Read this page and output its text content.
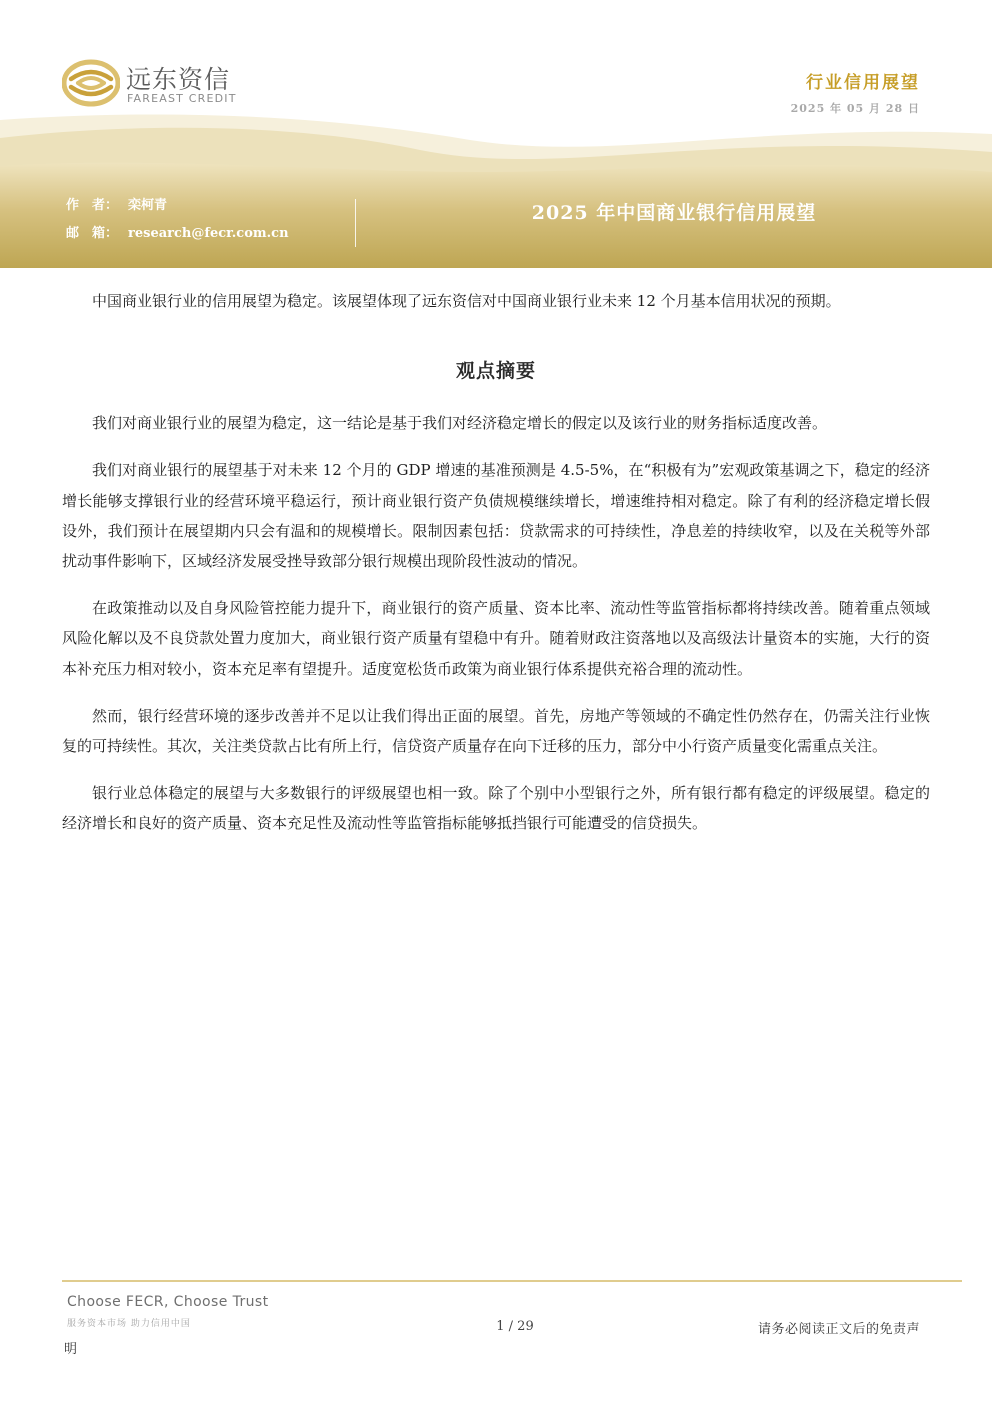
远东资信
FAREAST CREDIT
行业信用展望
2025 年 05 月 28 日
作　者： 栾柯青
邮　箱： research@fecr.com.cn
2025 年中国商业银行信用展望

中国商业银行业的信用展望为稳定。该展望体现了远东资信对中国商业银行业未来 12 个月基本信用状况的预期。

观点摘要

我们对商业银行业的展望为稳定，这一结论是基于我们对经济稳定增长的假定以及该行业的财务指标适度改善。

我们对商业银行的展望基于对未来 12 个月的 GDP 增速的基准预测是 4.5-5%，在“积极有为”宏观政策基调之下，稳定的经济增长能够支撑银行业的经营环境平稳运行，预计商业银行资产负债规模继续增长，增速维持相对稳定。除了有利的经济稳定增长假设外，我们预计在展望期内只会有温和的规模增长。限制因素包括：贷款需求的可持续性，净息差的持续收窄，以及在关税等外部扰动事件影响下，区域经济发展受挫导致部分银行规模出现阶段性波动的情况。

在政策推动以及自身风险管控能力提升下，商业银行的资产质量、资本比率、流动性等监管指标都将持续改善。随着重点领域风险化解以及不良贷款处置力度加大，商业银行资产质量有望稳中有升。随着财政注资落地以及高级法计量资本的实施，大行的资本补充压力相对较小，资本充足率有望提升。适度宽松货币政策为商业银行体系提供充裕合理的流动性。

然而，银行经营环境的逐步改善并不足以让我们得出正面的展望。首先，房地产等领域的不确定性仍然存在，仍需关注行业恢复的可持续性。其次，关注类贷款占比有所上行，信贷资产质量存在向下迁移的压力，部分中小行资产质量变化需重点关注。

银行业总体稳定的展望与大多数银行的评级展望也相一致。除了个别中小型银行之外，所有银行都有稳定的评级展望。稳定的经济增长和良好的资产质量、资本充足性及流动性等监管指标能够抵挡银行可能遭受的信贷损失。

Choose FECR, Choose Trust
服务资本市场 助力信用中国	1 / 29	请务必阅读正文后的免责声
明
